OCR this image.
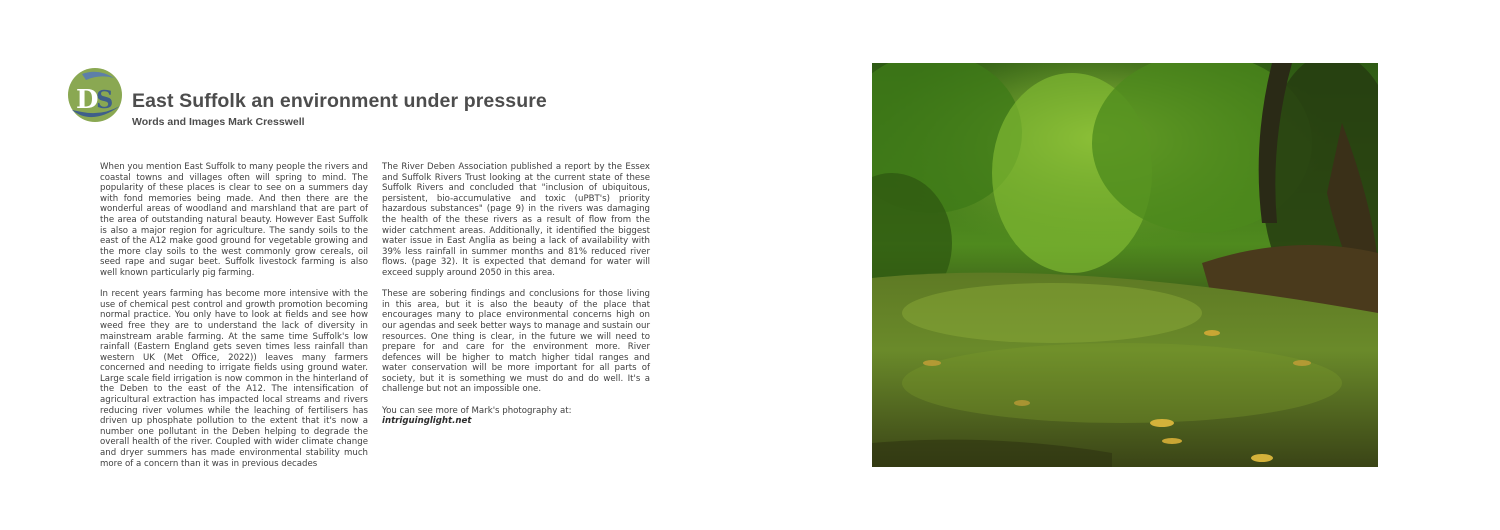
D
S East Suffolk an environment under pressure
Words and Images Mark Cresswell

When you mention East Suffolk to many people the rivers and coastal towns and villages often will spring to mind. The popularity of these places is clear to see on a summers day with fond memories being made. And then there are the wonderful areas of woodland and marshland that are part of the area of outstanding natural beauty. However East Suffolk is also a major region for agriculture. The sandy soils to the east of the A12 make good ground for vegetable growing and the more clay soils to the west commonly grow cereals, oil seed rape and sugar beet. Suffolk livestock farming is also well known particularly pig farming.

In recent years farming has become more intensive with the use of chemical pest control and growth promotion becoming normal practice. You only have to look at fields and see how weed free they are to understand the lack of diversity in mainstream arable farming. At the same time Suffolk's low rainfall (Eastern England gets seven times less rainfall than western UK (Met Office, 2022)) leaves many farmers concerned and needing to irrigate fields using ground water. Large scale field irrigation is now common in the hinterland of the Deben to the east of the A12. The intensification of agricultural extraction has impacted local streams and rivers reducing river volumes while the leaching of fertilisers has driven up phosphate pollution to the extent that it's now a number one pollutant in the Deben helping to degrade the overall health of the river. Coupled with wider climate change and dryer summers has made environmental stability much more of a concern than it was in previous decades

The River Deben Association published a report by the Essex and Suffolk Rivers Trust looking at the current state of these Suffolk Rivers and concluded that "inclusion of ubiquitous, persistent, bio-accumulative and toxic (uPBT's) priority hazardous substances" (page 9) in the rivers was damaging the health of the these rivers as a result of flow from the wider catchment areas. Additionally, it identified the biggest water issue in East Anglia as being a lack of availability with 39% less rainfall in summer months and 81% reduced river flows. (page 32). It is expected that demand for water will exceed supply around 2050 in this area.

These are sobering findings and conclusions for those living in this area, but it is also the beauty of the place that encourages many to place environmental concerns high on our agendas and seek better ways to manage and sustain our resources. One thing is clear, in the future we will need to prepare for and care for the environment more. River defences will be higher to match higher tidal ranges and water conservation will be more important for all parts of society, but it is something we must do and do well. It's a challenge but not an impossible one.

You can see more of Mark's photography at:

intriguinglight.net
